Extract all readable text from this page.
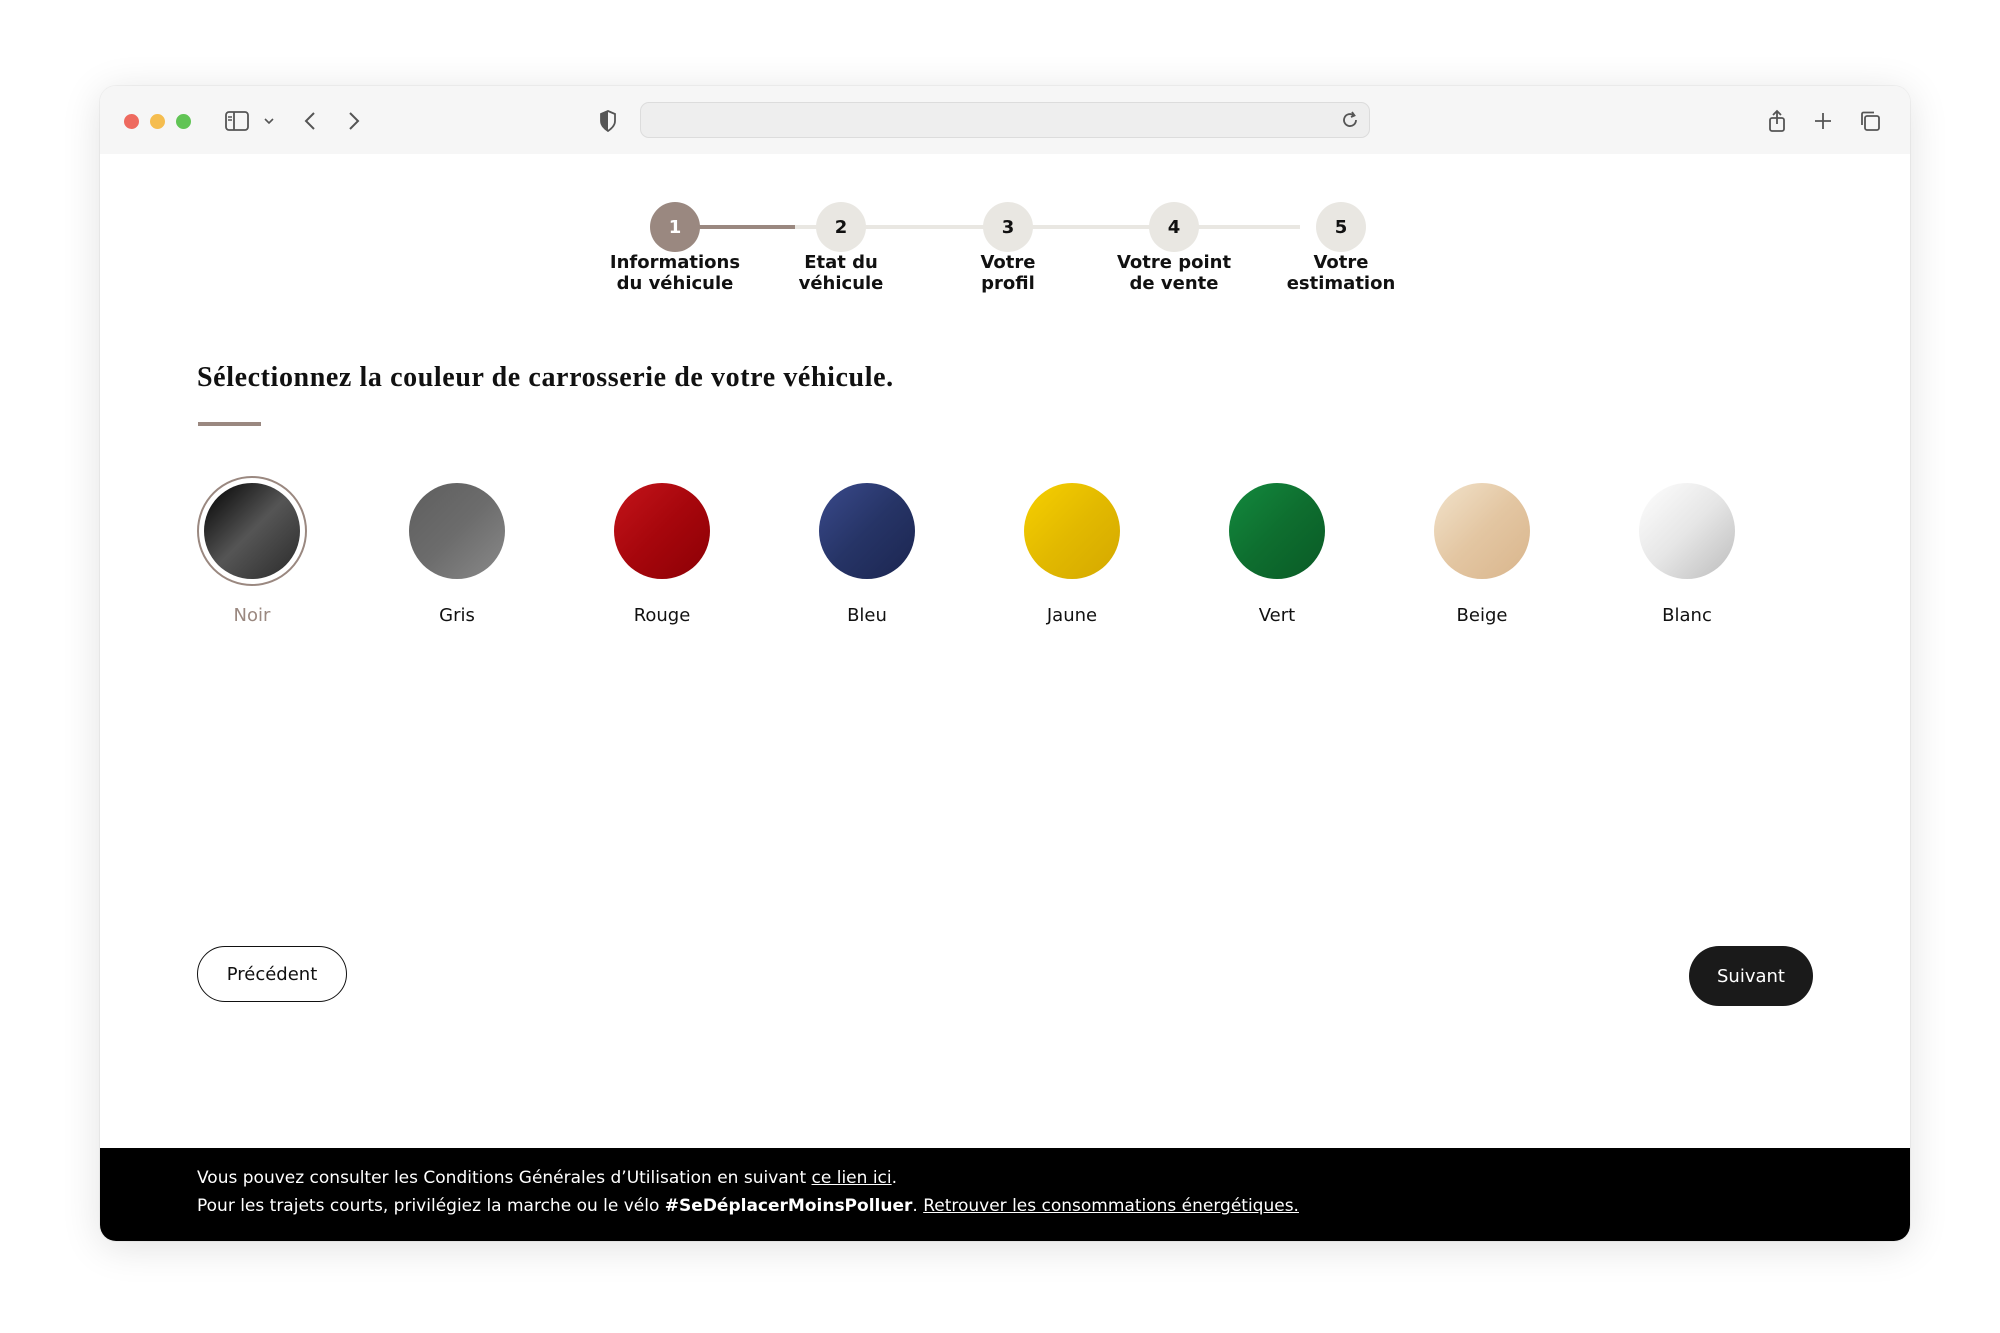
1	2	3	4	5
Informations
du véhicule
Etat du
véhicule
Votre
profil
Votre point
de vente
Votre
estimation
Sélectionnez la couleur de carrosserie de votre véhicule.
Noir	Gris	Rouge	Bleu	Jaune	Vert	Beige	Blanc
Précédent	Suivant
Vous pouvez consulter les Conditions Générales d’Utilisation en suivant ce lien ici.
Pour les trajets courts, privilégiez la marche ou le vélo #SeDéplacerMoinsPolluer. Retrouver les consommations énergétiques.
